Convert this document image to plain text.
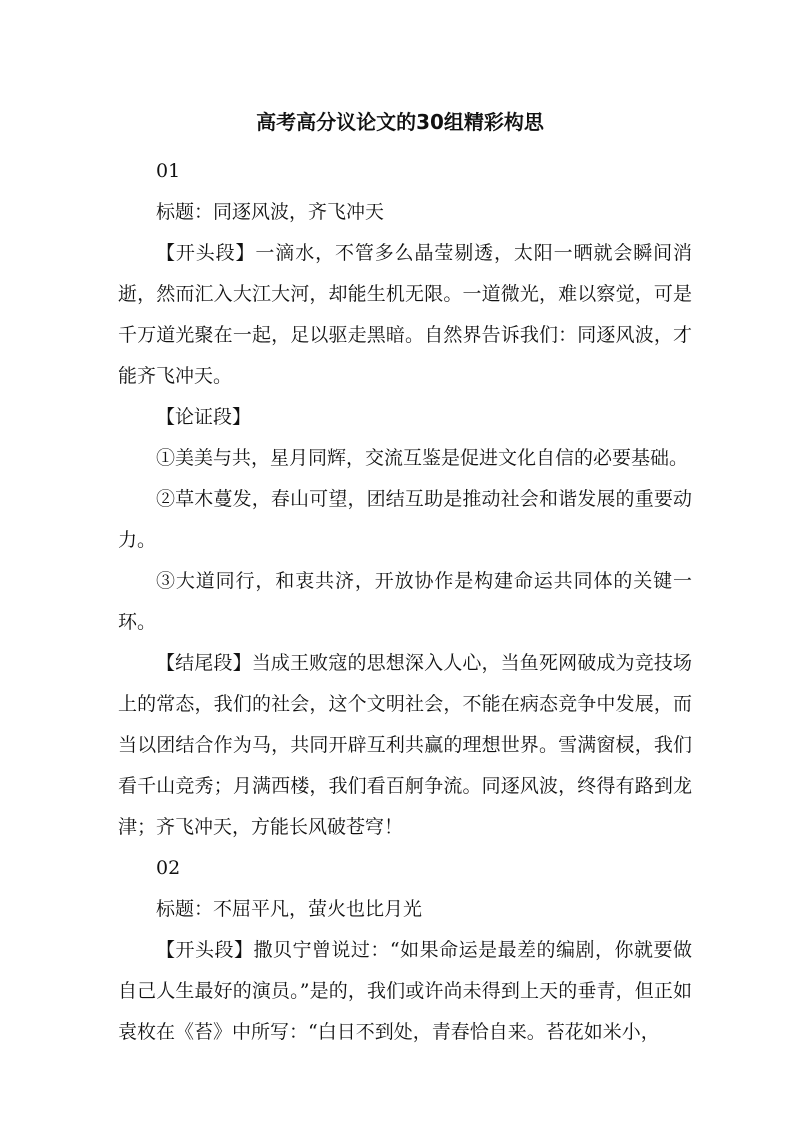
高考高分议论文的30组精彩构思

01

标题：同逐风波，齐飞冲天

【开头段】一滴水，不管多么晶莹剔透，太阳一晒就会瞬间消逝，然而汇入大江大河，却能生机无限。一道微光，难以察觉，可是千万道光聚在一起，足以驱走黑暗。自然界告诉我们：同逐风波，才能齐飞冲天。

【论证段】

①美美与共，星月同辉，交流互鉴是促进文化自信的必要基础。

②草木蔓发，春山可望，团结互助是推动社会和谐发展的重要动力。

③大道同行，和衷共济，开放协作是构建命运共同体的关键一环。

【结尾段】当成王败寇的思想深入人心，当鱼死网破成为竞技场上的常态，我们的社会，这个文明社会，不能在病态竞争中发展，而当以团结合作为马，共同开辟互利共赢的理想世界。雪满窗棂，我们看千山竞秀；月满西楼，我们看百舸争流。同逐风波，终得有路到龙津；齐飞冲天，方能长风破苍穹！

02

标题：不屈平凡，萤火也比月光

【开头段】撒贝宁曾说过：“如果命运是最差的编剧，你就要做自己人生最好的演员。”是的，我们或许尚未得到上天的垂青，但正如袁枚在《苔》中所写：“白日不到处，青春恰自来。苔花如米小，
